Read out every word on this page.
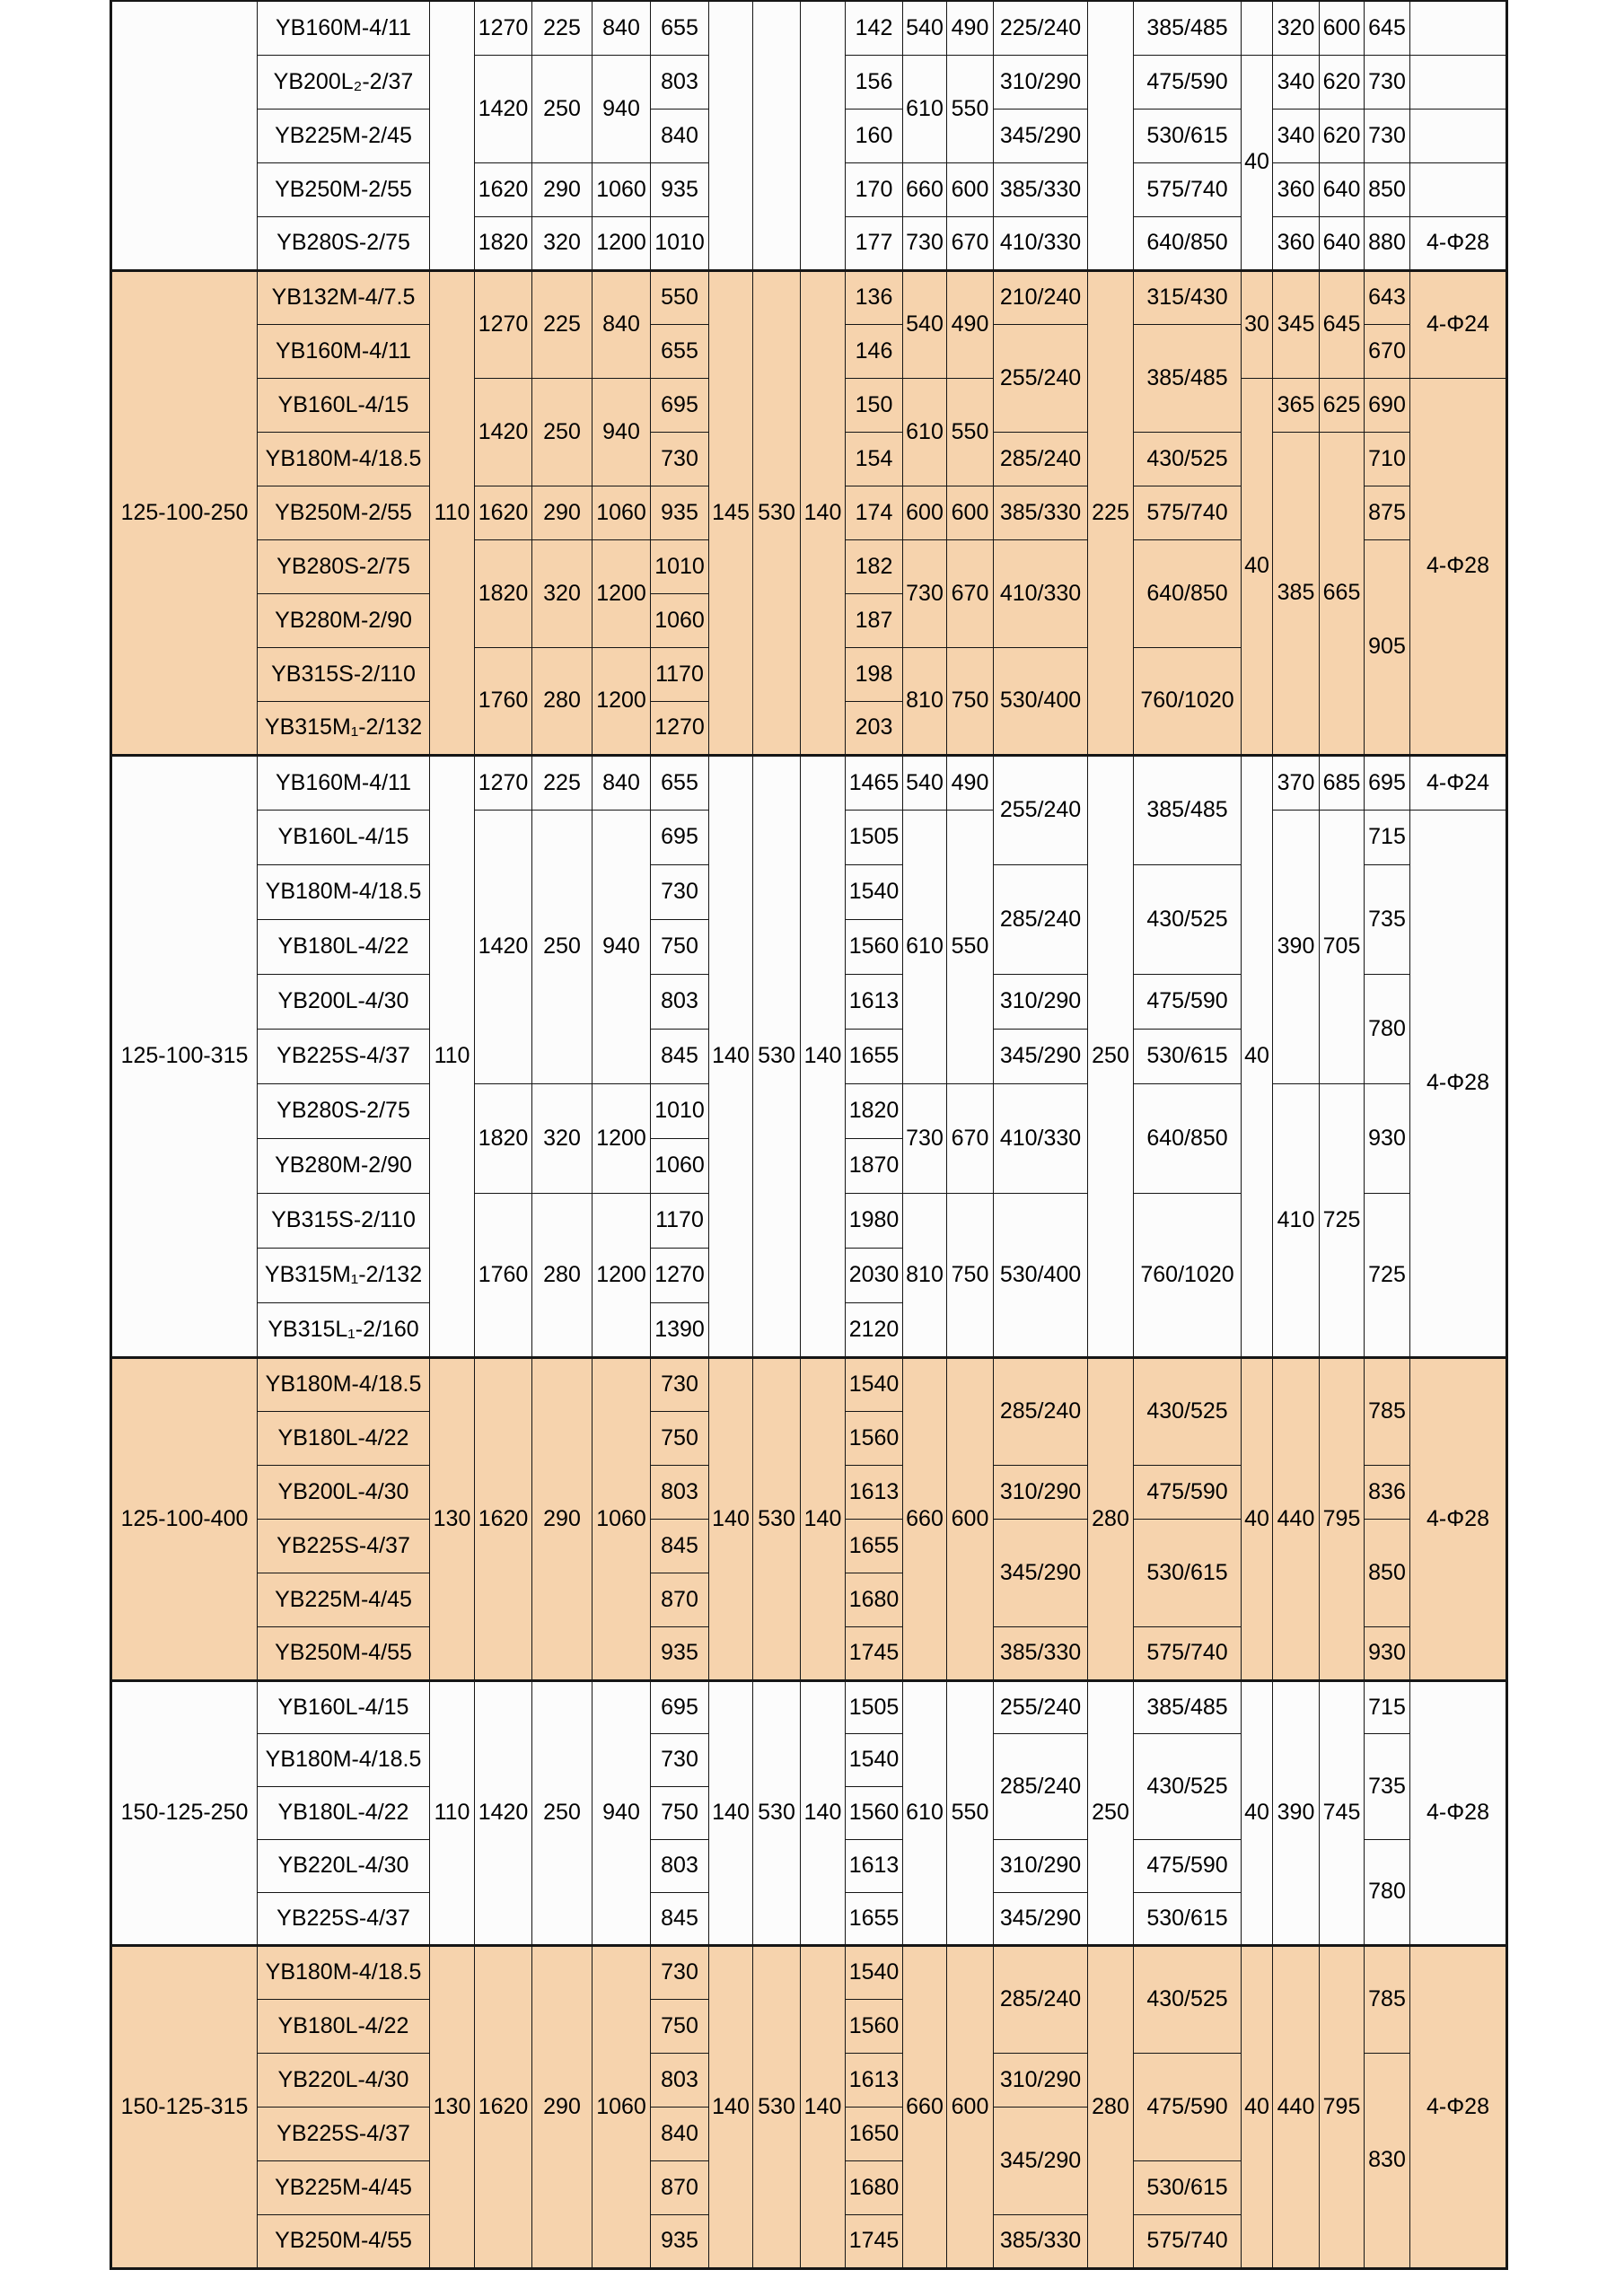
	YB160M-4/11		1270	225	840	655				142	540	490	225/240		385/485		320	600	645	
	YB200L₂-2/37		1420	250	940	803				156	610	550	310/290		475/590	40	340	620	730	
	YB225M-2/45					840				160			345/290		530/615		340	620	730	
	YB250M-2/55		1620	290	1060	935				170	660	600	385/330		575/740		360	640	850	
	YB280S-2/75		1820	320	1200	1010				177	730	670	410/330		640/850		360	640	880	4-Φ28
125-100-250	YB132M-4/7.5	110	1270	225	840	550	145	530	140	136	540	490	210/240	225	315/430	30	345	645	643	4-Φ24
	YB160M-4/11					655				146			255/240		385/485				670	
	YB160L-4/15		1420	250	940	695				150	610	550				40	365	625	690	4-Φ28
	YB180M-4/18.5					730				154			285/240		430/525		385	665	710	
	YB250M-2/55		1620	290	1060	935				174	600	600	385/330		575/740				875	
	YB280S-2/75		1820	320	1200	1010				182	730	670	410/330		640/850				905	
	YB280M-2/90					1060				187										
	YB315S-2/110		1760	280	1200	1170				198	810	750	530/400		760/1020					
	YB315M₁-2/132					1270				203										
125-100-315	YB160M-4/11	110	1270	225	840	655	140	530	140	1465	540	490	255/240	250	385/485	40	370	685	695	4-Φ24
	YB160L-4/15		1420	250	940	695				1505	610	550					390	705	715	4-Φ28
	YB180M-4/18.5					730				1540			285/240		430/525				735	
	YB180L-4/22					750				1560										
	YB200L-4/30					803				1613			310/290		475/590				780	
	YB225S-4/37					845				1655			345/290		530/615					
	YB280S-2/75		1820	320	1200	1010				1820	730	670	410/330		640/850		410	725	930	
	YB280M-2/90					1060				1870										
	YB315S-2/110		1760	280	1200	1170				1980	810	750	530/400		760/1020				725	
	YB315M₁-2/132					1270				2030										
	YB315L₁-2/160					1390				2120										
125-100-400	YB180M-4/18.5	130	1620	290	1060	730	140	530	140	1540	660	600	285/240	280	430/525	40	440	795	785	4-Φ28
	YB180L-4/22					750				1560										
	YB200L-4/30					803				1613			310/290		475/590				836	
	YB225S-4/37					845				1655			345/290		530/615				850	
	YB225M-4/45					870				1680										
	YB250M-4/55					935				1745			385/330		575/740				930	
150-125-250	YB160L-4/15	110	1420	250	940	695	140	530	140	1505	610	550	255/240	250	385/485	40	390	745	715	4-Φ28
	YB180M-4/18.5					730				1540			285/240		430/525				735	
	YB180L-4/22					750				1560										
	YB220L-4/30					803				1613			310/290		475/590				780	
	YB225S-4/37					845				1655			345/290		530/615					
150-125-315	YB180M-4/18.5	130	1620	290	1060	730	140	530	140	1540	660	600	285/240	280	430/525	40	440	795	785	4-Φ28
	YB180L-4/22					750				1560										
	YB220L-4/30					803				1613			310/290		475/590				830	
	YB225S-4/37					840				1650			345/290							
	YB225M-4/45					870				1680					530/615					
	YB250M-4/55					935				1745			385/330		575/740					
